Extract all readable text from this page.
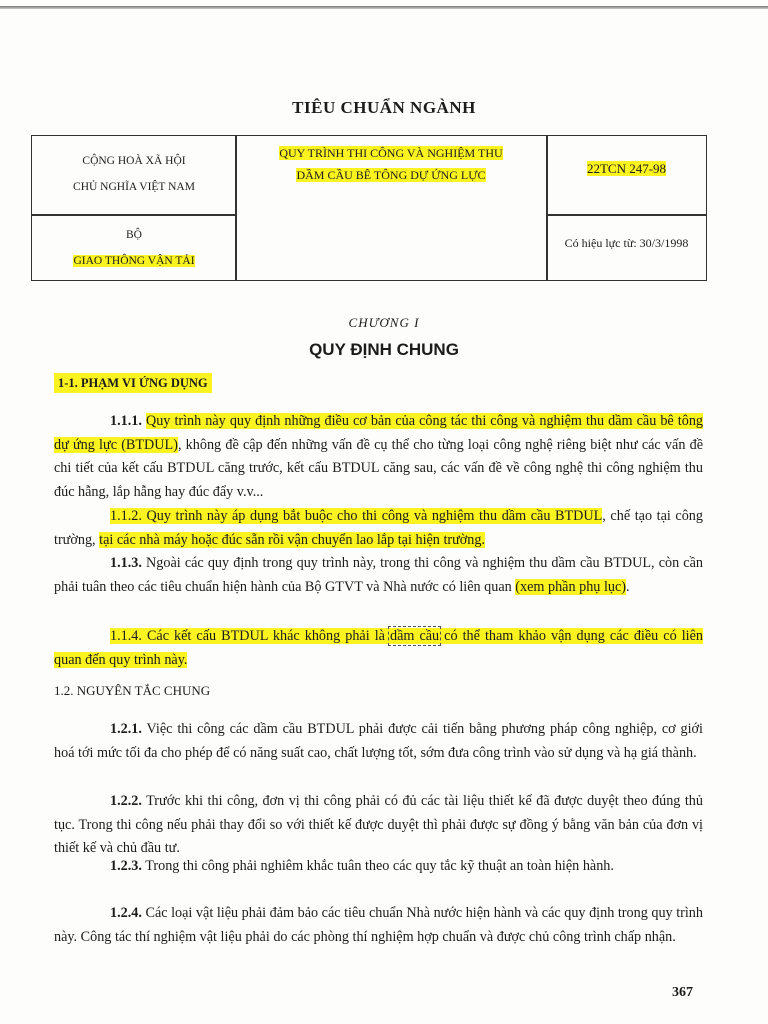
TIÊU CHUẨN NGÀNH
CỘNG HOÀ XÃ HỘI
CHỦ NGHĨA VIỆT NAM
BỘ
GIAO THÔNG VẬN TẢI
QUY TRÌNH THI CÔNG VÀ NGHIỆM THU
DẦM CẦU BÊ TÔNG DỰ ỨNG LỰC	22TCN 247-98
Có hiệu lực từ: 30/3/1998
CHƯƠNG I
QUY ĐỊNH CHUNG
1-1. PHẠM VI ỨNG DỤNG
1.1.1. Quy trình này quy định những điều cơ bản của công tác thi công và nghiệm thu dầm cầu bê tông dự ứng lực (BTDUL), không đề cập đến những vấn đề cụ thể cho từng loại công nghệ riêng biệt như các vấn đề chi tiết của kết cấu BTDUL căng trước, kết cấu BTDUL căng sau, các vấn đề về công nghệ thi công nghiệm thu đúc hẫng, lắp hẫng hay đúc đẩy v.v...
1.1.2. Quy trình này áp dụng bắt buộc cho thi công và nghiệm thu dầm cầu BTDUL, chế tạo tại công trường, tại các nhà máy hoặc đúc sẵn rồi vận chuyển lao lắp tại hiện trường.
1.1.3. Ngoài các quy định trong quy trình này, trong thi công và nghiệm thu dầm cầu BTDUL, còn cần phải tuân theo các tiêu chuẩn hiện hành của Bộ GTVT và Nhà nước có liên quan (xem phần phụ lục).
1.1.4. Các kết cấu BTDUL khác không phải là dầm cầu có thể tham khảo vận dụng các điều có liên quan đến quy trình này.
1.2. NGUYÊN TẮC CHUNG
1.2.1. Việc thi công các dầm cầu BTDUL phải được cải tiến bằng phương pháp công nghiệp, cơ giới hoá tới mức tối đa cho phép để có năng suất cao, chất lượng tốt, sớm đưa công trình vào sử dụng và hạ giá thành.
1.2.2. Trước khi thi công, đơn vị thi công phải có đủ các tài liệu thiết kế đã được duyệt theo đúng thủ tục. Trong thi công nếu phải thay đổi so với thiết kế được duyệt thì phải được sự đồng ý bằng văn bản của đơn vị thiết kế và chủ đầu tư.
1.2.3. Trong thi công phải nghiêm khắc tuân theo các quy tắc kỹ thuật an toàn hiện hành.
1.2.4. Các loại vật liệu phải đảm bảo các tiêu chuẩn Nhà nước hiện hành và các quy định trong quy trình này. Công tác thí nghiệm vật liệu phải do các phòng thí nghiệm hợp chuẩn và được chủ công trình chấp nhận.
367
